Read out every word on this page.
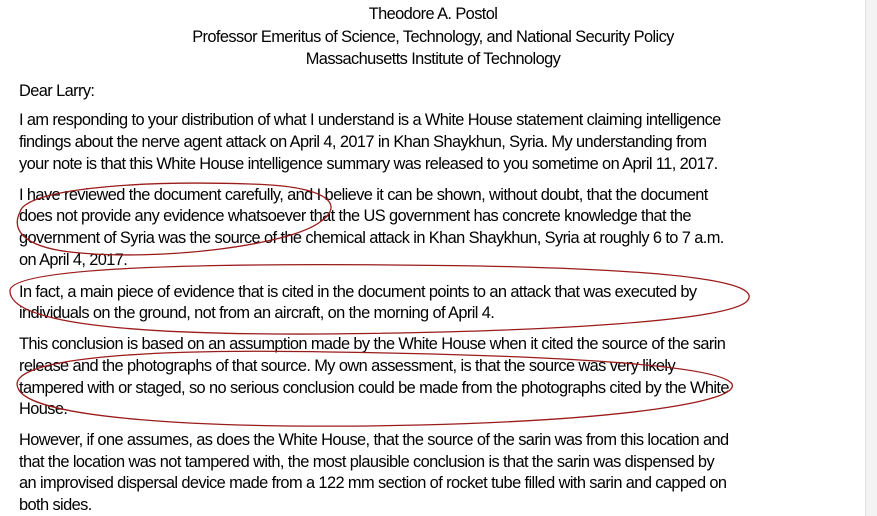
Theodore A. Postol
Professor Emeritus of Science, Technology, and National Security Policy
Massachusetts Institute of Technology
Dear Larry:
I am responding to your distribution of what I understand is a White House statement claiming intelligence
findings about the nerve agent attack on April 4, 2017 in Khan Shaykhun, Syria. My understanding from
your note is that this White House intelligence summary was released to you sometime on April 11, 2017.
I have reviewed the document carefully, and I believe it can be shown, without doubt, that the document
does not provide any evidence whatsoever that the US government has concrete knowledge that the
government of Syria was the source of the chemical attack in Khan Shaykhun, Syria at roughly 6 to 7 a.m.
on April 4, 2017.
In fact, a main piece of evidence that is cited in the document points to an attack that was executed by
individuals on the ground, not from an aircraft, on the morning of April 4.
This conclusion is based on an assumption made by the White House when it cited the source of the sarin
release and the photographs of that source. My own assessment, is that the source was very likely
tampered with or staged, so no serious conclusion could be made from the photographs cited by the White
House.
However, if one assumes, as does the White House, that the source of the sarin was from this location and
that the location was not tampered with, the most plausible conclusion is that the sarin was dispensed by
an improvised dispersal device made from a 122 mm section of rocket tube filled with sarin and capped on
both sides.
